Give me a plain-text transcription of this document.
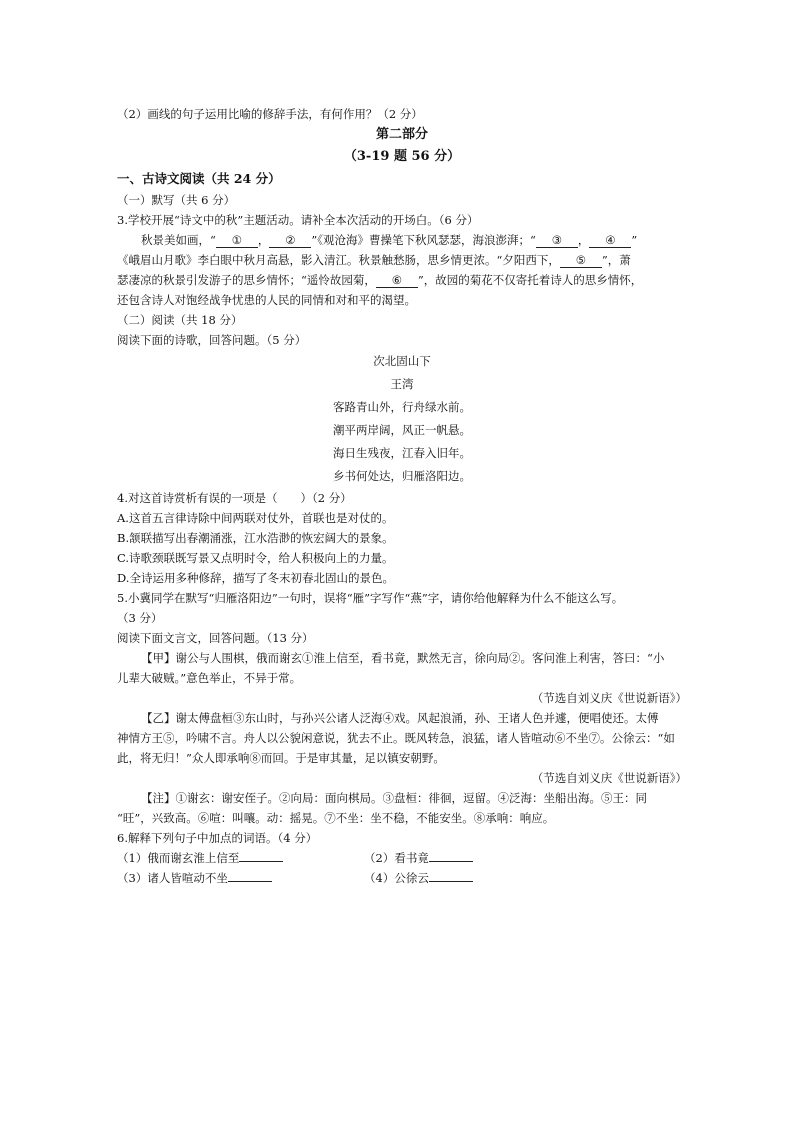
（2）画线的句子运用比喻的修辞手法，有何作用？（2 分）
第二部分
（3-19 题 56 分）
一、古诗文阅读（共 24 分）
（一）默写（共 6 分）
3.学校开展“诗文中的秋”主题活动。请补全本次活动的开场白。（6 分）
秋景美如画，“ ① ， ② ”《观沧海》曹操笔下秋风瑟瑟，海浪澎湃；“ ③ ， ④ ”
《峨眉山月歌》李白眼中秋月高悬，影入清江。秋景触愁肠，思乡情更浓。“夕阳西下， ⑤ ”，萧
瑟凄凉的秋景引发游子的思乡情怀；“遥怜故园菊， ⑥ ”，故园的菊花不仅寄托着诗人的思乡情怀，
还包含诗人对饱经战争忧患的人民的同情和对和平的渴望。
（二）阅读（共 18 分）
阅读下面的诗歌，回答问题。（5 分）
次北固山下
王湾
客路青山外，行舟绿水前。
潮平两岸阔，风正一帆悬。
海日生残夜，江春入旧年。
乡书何处达，归雁洛阳边。
4.对这首诗赏析有误的一项是（　　）（2 分）
A.这首五言律诗除中间两联对仗外，首联也是对仗的。
B.颔联描写出春潮涌涨，江水浩渺的恢宏阔大的景象。
C.诗歌颈联既写景又点明时令，给人积极向上的力量。
D.全诗运用多种修辞，描写了冬末初春北固山的景色。
5.小冀同学在默写“归雁洛阳边”一句时，误将“雁”字写作“燕”字，请你给他解释为什么不能这么写。
（3 分）
阅读下面文言文，回答问题。（13 分）
【甲】谢公与人围棋，俄而谢玄①淮上信至，看书竟，默然无言，徐向局②。客问淮上利害，答曰：“小
儿辈大破贼。”意色举止，不异于常。
（节选自刘义庆《世说新语》）
【乙】谢太傅盘桓③东山时，与孙兴公诸人泛海④戏。风起浪涌，孙、王诸人色并遽，便唱使还。太傅
神情方王⑤，吟啸不言。舟人以公貌闲意说，犹去不止。既风转急，浪猛，诸人皆喧动⑥不坐⑦。公徐云：“如
此，将无归！”众人即承响⑧而回。于是审其量，足以镇安朝野。
（节选自刘义庆《世说新语》）
【注】①谢玄：谢安侄子。②向局：面向棋局。③盘桓：徘徊，逗留。④泛海：坐船出海。⑤王：同
“旺”，兴致高。⑥喧：叫嚷。动：摇晃。⑦不坐：坐不稳，不能安坐。⑧承响：响应。
6.解释下列句子中加点的词语。（4 分）
（1）俄而谢玄淮上信至	（2）看书竟
（3）诸人皆喧动不坐	（4）公徐云
